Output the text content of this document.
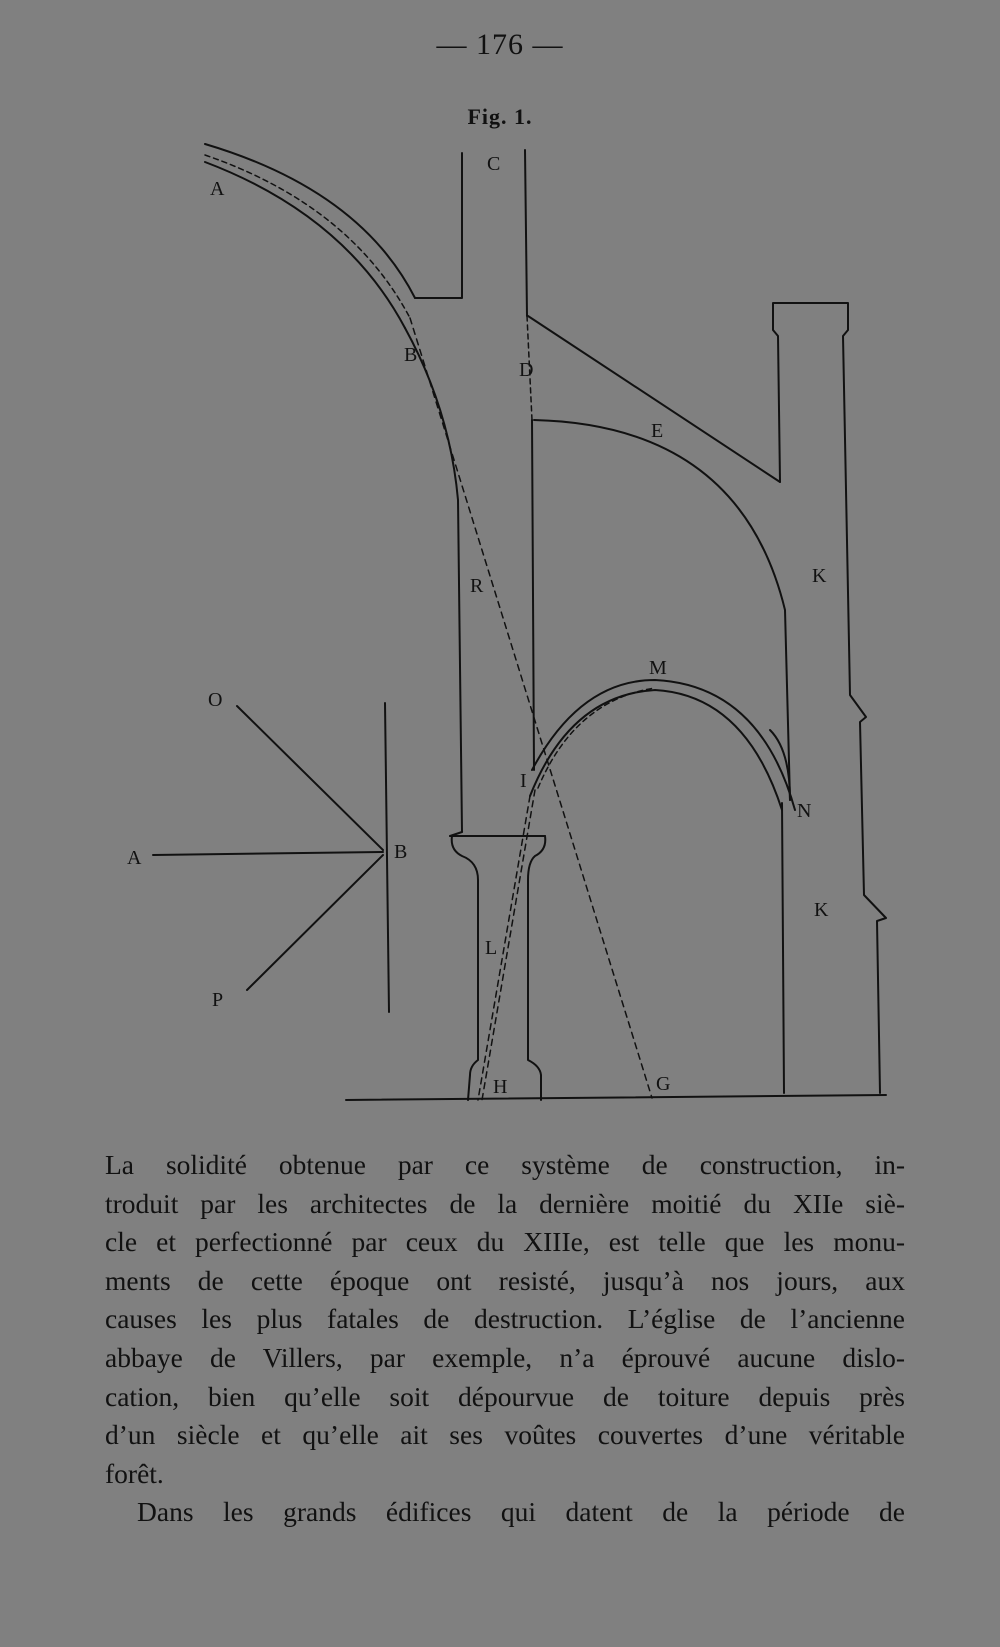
— 176 —
Fig. 1.
A
C
B
D
E
R	K
M
O
I
N
A	B
K
L
P
H	G

La solidité obtenue par ce système de construction, in-

troduit par les architectes de la dernière moitié du XIIe siè-

cle et perfectionné par ceux du XIIIe, est telle que les monu-

ments de cette époque ont resisté, jusqu’à nos jours, aux

causes les plus fatales de destruction. L’église de l’ancienne

abbaye de Villers, par exemple, n’a éprouvé aucune dislo-

cation, bien qu’elle soit dépourvue de toiture depuis près

d’un siècle et qu’elle ait ses voûtes couvertes d’une véritable

forêt.

Dans les grands édifices qui datent de la période de
